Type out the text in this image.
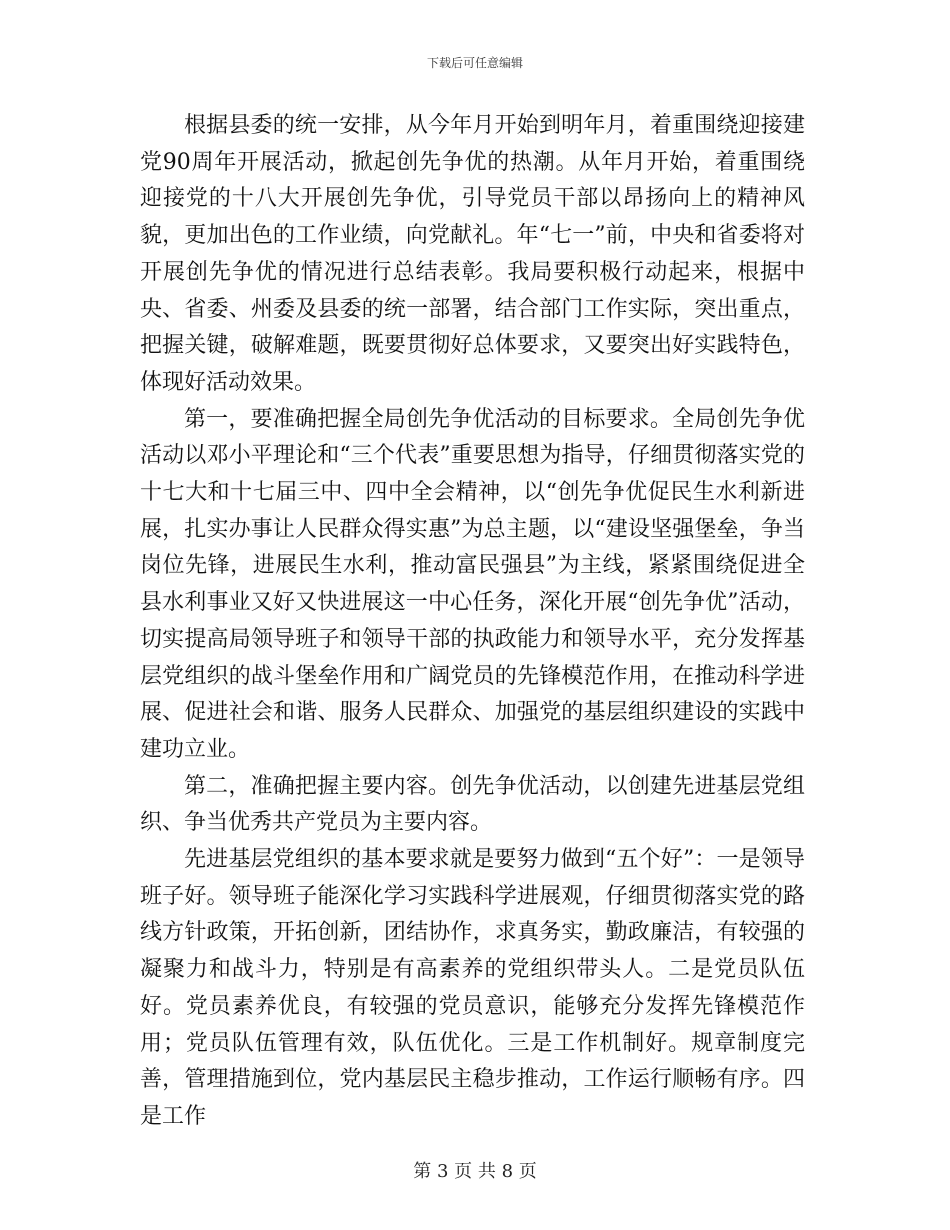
下载后可任意编辑

根据县委的统一安排，从今年月开始到明年月，着重围绕迎接建党90周年开展活动，掀起创先争优的热潮。从年月开始，着重围绕迎接党的十八大开展创先争优，引导党员干部以昂扬向上的精神风貌，更加出色的工作业绩，向党献礼。年“七一”前，中央和省委将对开展创先争优的情况进行总结表彰。我局要积极行动起来，根据中央、省委、州委及县委的统一部署，结合部门工作实际，突出重点，把握关键，破解难题，既要贯彻好总体要求，又要突出好实践特色，体现好活动效果。

第一，要准确把握全局创先争优活动的目标要求。全局创先争优活动以邓小平理论和“三个代表”重要思想为指导，仔细贯彻落实党的十七大和十七届三中、四中全会精神，以“创先争优促民生水利新进展，扎实办事让人民群众得实惠”为总主题，以“建设坚强堡垒，争当岗位先锋，进展民生水利，推动富民强县”为主线，紧紧围绕促进全县水利事业又好又快进展这一中心任务，深化开展“创先争优”活动，切实提高局领导班子和领导干部的执政能力和领导水平，充分发挥基层党组织的战斗堡垒作用和广阔党员的先锋模范作用，在推动科学进展、促进社会和谐、服务人民群众、加强党的基层组织建设的实践中建功立业。

第二，准确把握主要内容。创先争优活动，以创建先进基层党组织、争当优秀共产党员为主要内容。

先进基层党组织的基本要求就是要努力做到“五个好”：一是领导班子好。领导班子能深化学习实践科学进展观，仔细贯彻落实党的路线方针政策，开拓创新，团结协作，求真务实，勤政廉洁，有较强的凝聚力和战斗力，特别是有高素养的党组织带头人。二是党员队伍好。党员素养优良，有较强的党员意识，能够充分发挥先锋模范作用；党员队伍管理有效，队伍优化。三是工作机制好。规章制度完善，管理措施到位，党内基层民主稳步推动，工作运行顺畅有序。四是工作

第 3 页 共 8 页
